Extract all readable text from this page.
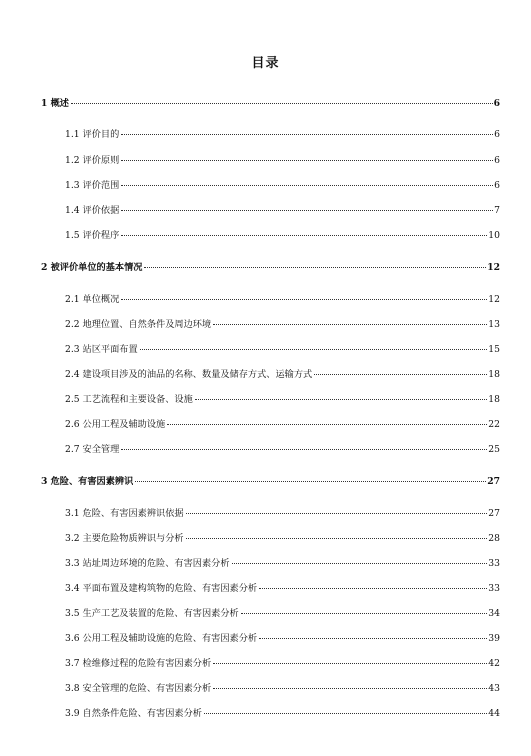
目录
1 概述	6
1.1 评价目的	6
1.2 评价原则	6
1.3 评价范围	6
1.4 评价依据	7
1.5 评价程序	10
2 被评价单位的基本情况	12
2.1 单位概况	12
2.2 地理位置、自然条件及周边环境	13
2.3 站区平面布置	15
2.4 建设项目涉及的油品的名称、数量及储存方式、运输方式	18
2.5 工艺流程和主要设备、设施	18
2.6 公用工程及辅助设施	22
2.7 安全管理	25
3 危险、有害因素辨识	27
3.1 危险、有害因素辨识依据	27
3.2 主要危险物质辨识与分析	28
3.3 站址周边环境的危险、有害因素分析	33
3.4 平面布置及建构筑物的危险、有害因素分析	33
3.5 生产工艺及装置的危险、有害因素分析	34
3.6 公用工程及辅助设施的危险、有害因素分析	39
3.7 检维修过程的危险有害因素分析	42
3.8 安全管理的危险、有害因素分析	43
3.9 自然条件危险、有害因素分析	44
